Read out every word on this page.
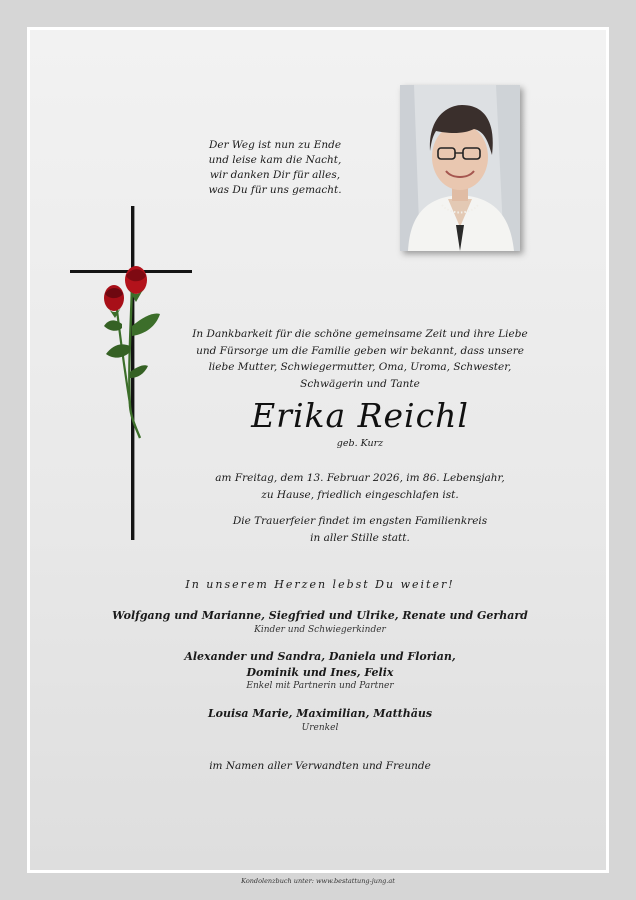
Der Weg ist nun zu Ende
und leise kam die Nacht,
wir danken Dir für alles,
was Du für uns gemacht.
In Dankbarkeit für die schöne gemeinsame Zeit und ihre Liebe
und Fürsorge um die Familie geben wir bekannt, dass unsere
liebe Mutter, Schwiegermutter, Oma, Uroma, Schwester,
Schwägerin und Tante
Erika Reichl
geb. Kurz
am Freitag, dem 13. Februar 2026, im 86. Lebensjahr,
zu Hause, friedlich eingeschlafen ist.
Die Trauerfeier findet im engsten Familienkreis
in aller Stille statt.
In unserem Herzen lebst Du weiter!
Wolfgang und Marianne, Siegfried und Ulrike, Renate und Gerhard
Kinder und Schwiegerkinder
Alexander und Sandra, Daniela und Florian,
Dominik und Ines, Felix
Enkel mit Partnerin und Partner
Louisa Marie, Maximilian, Matthäus
Urenkel
im Namen aller Verwandten und Freunde
Kondolenzbuch unter: www.bestattung-jung.at
